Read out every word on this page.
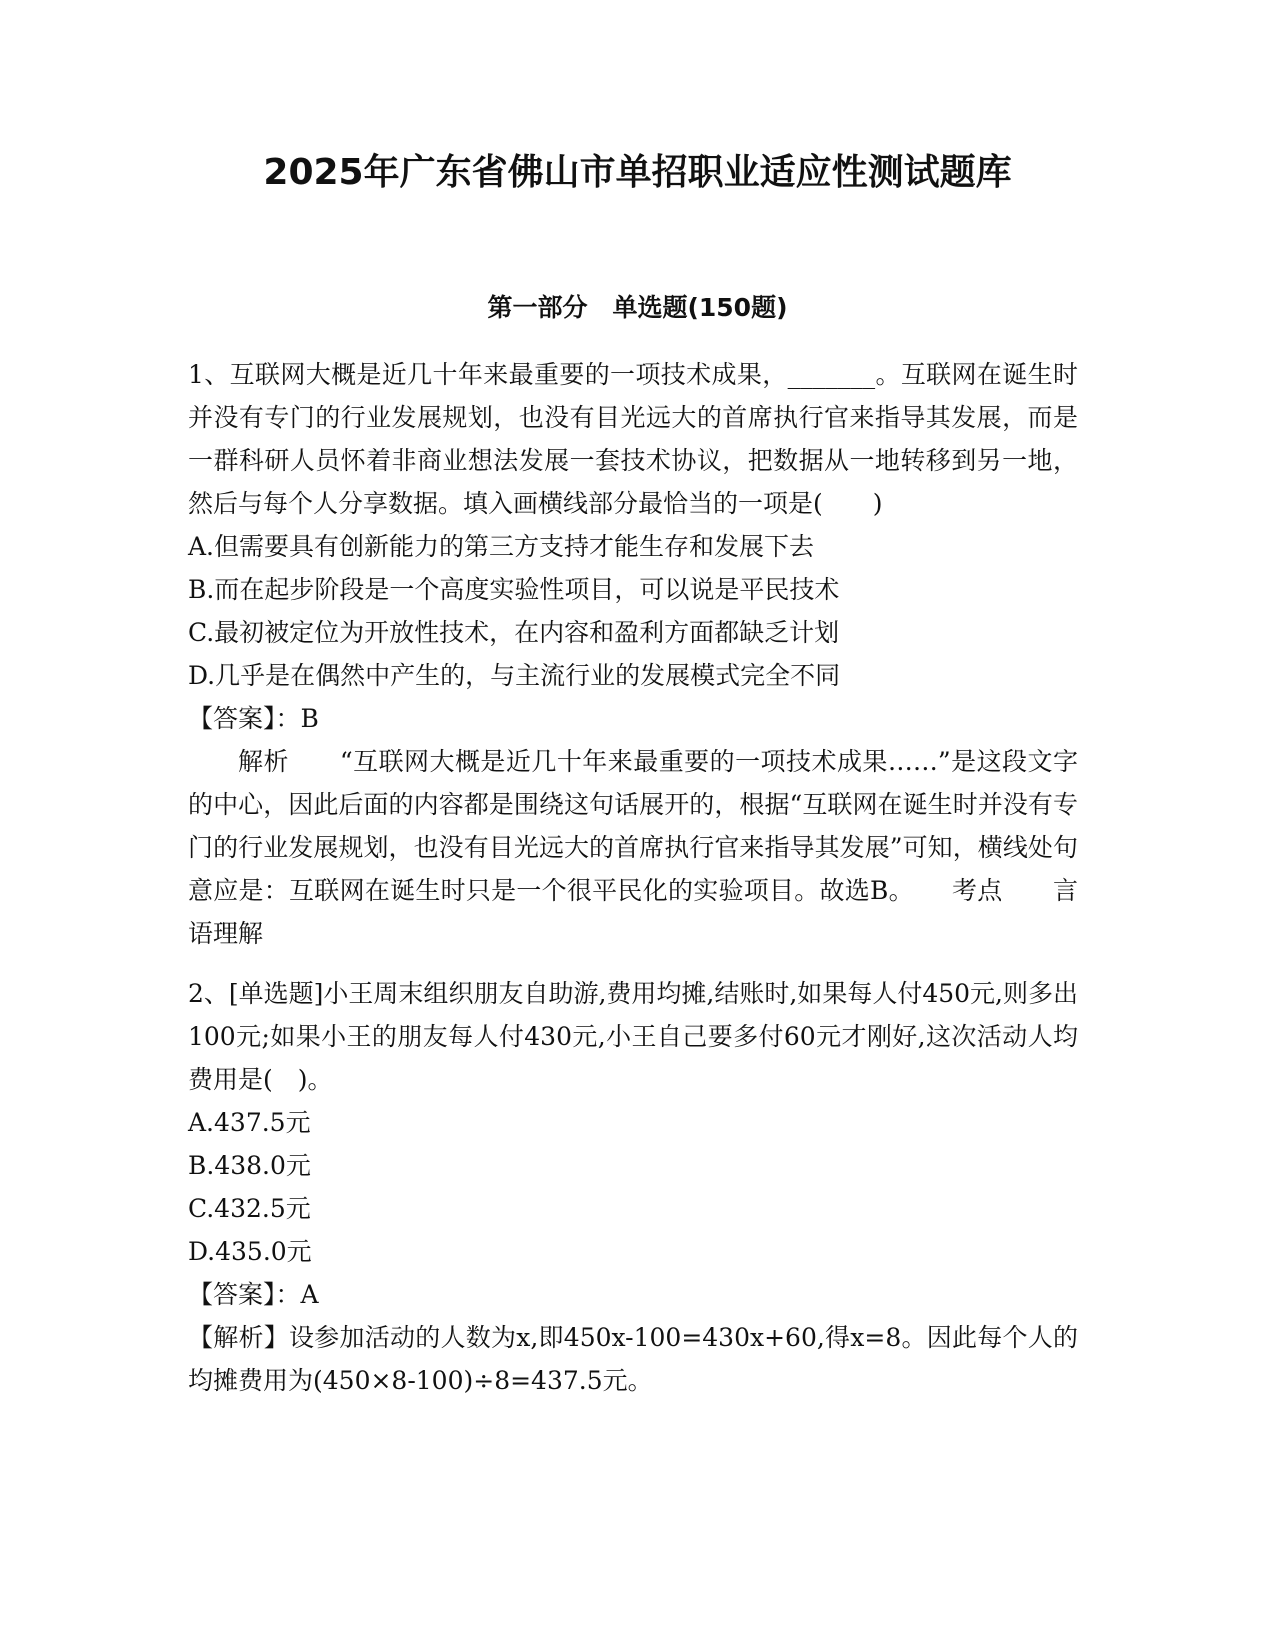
2025年广东省佛山市单招职业适应性测试题库
第一部分　单选题(150题)

1、互联网大概是近几十年来最重要的一项技术成果，_______。互联网在诞生时并没有专门的行业发展规划，也没有目光远大的首席执行官来指导其发展，而是一群科研人员怀着非商业想法发展一套技术协议，把数据从一地转移到另一地，然后与每个人分享数据。填入画横线部分最恰当的一项是(　　)

A.但需要具有创新能力的第三方支持才能生存和发展下去

B.而在起步阶段是一个高度实验性项目，可以说是平民技术

C.最初被定位为开放性技术，在内容和盈利方面都缺乏计划

D.几乎是在偶然中产生的，与主流行业的发展模式完全不同

【答案】：B

解析　　“互联网大概是近几十年来最重要的一项技术成果……”是这段文字的中心，因此后面的内容都是围绕这句话展开的，根据“互联网在诞生时并没有专门的行业发展规划，也没有目光远大的首席执行官来指导其发展”可知，横线处句意应是：互联网在诞生时只是一个很平民化的实验项目。故选B。　　考点　　言语理解

2、[单选题]小王周末组织朋友自助游,费用均摊,结账时,如果每人付450元,则多出100元;如果小王的朋友每人付430元,小王自己要多付60元才刚好,这次活动人均费用是(　)。

A.437.5元

B.438.0元

C.432.5元

D.435.0元

【答案】：A

【解析】设参加活动的人数为x,即450x-100=430x+60,得x=8。因此每个人的均摊费用为(450×8-100)÷8=437.5元。
